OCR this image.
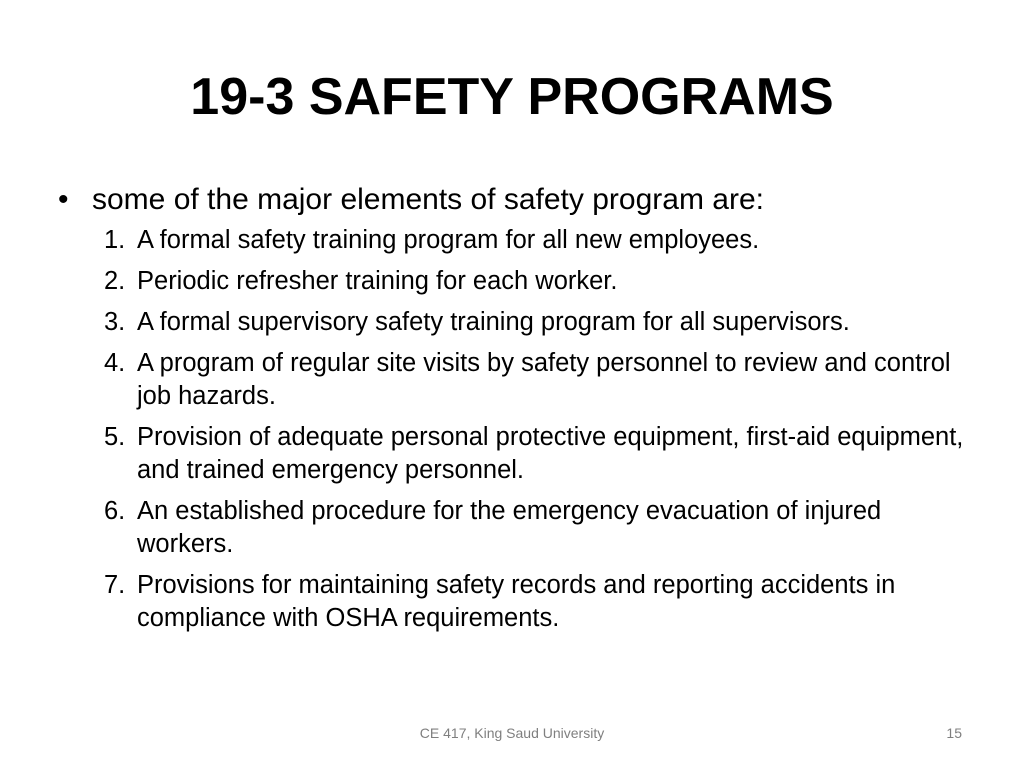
19-3 SAFETY PROGRAMS
• some of the major elements of safety program are:
1. A formal safety training program for all new employees.
2. Periodic refresher training for each worker.
3. A formal supervisory safety training program for all supervisors.
4. A program of regular site visits by safety personnel to review and control job hazards.
5. Provision of adequate personal protective equipment, first-aid equipment, and trained emergency personnel.
6. An established procedure for the emergency evacuation of injured workers.
7. Provisions for maintaining safety records and reporting accidents in compliance with OSHA requirements.
CE 417, King Saud University	15
